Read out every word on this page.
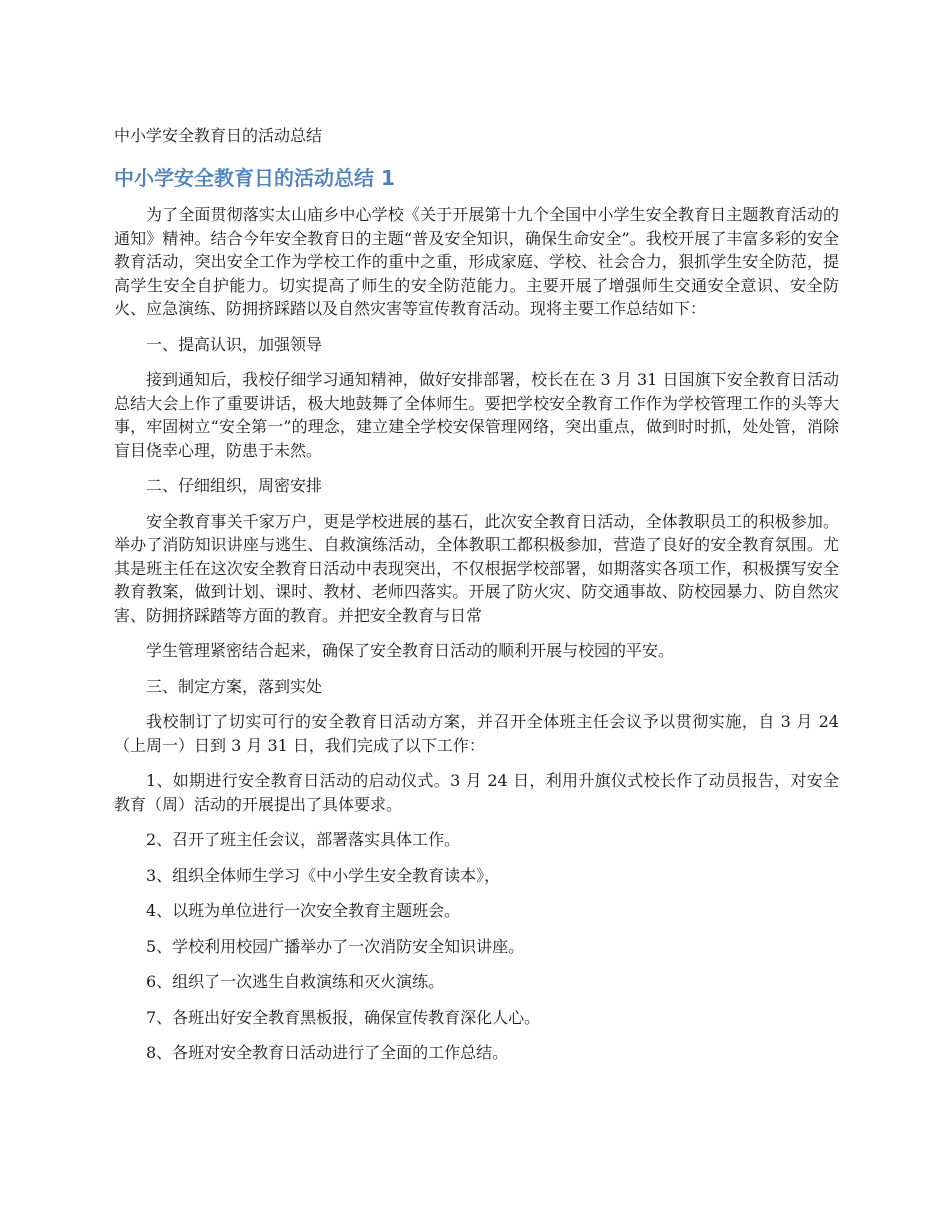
中小学安全教育日的活动总结
中小学安全教育日的活动总结 1

为了全面贯彻落实太山庙乡中心学校《关于开展第十九个全国中小学生安全教育日主题教育活动的通知》精神。结合今年安全教育日的主题“普及安全知识，确保生命安全”。我校开展了丰富多彩的安全教育活动，突出安全工作为学校工作的重中之重，形成家庭、学校、社会合力，狠抓学生安全防范，提高学生安全自护能力。切实提高了师生的安全防范能力。主要开展了增强师生交通安全意识、安全防火、应急演练、防拥挤踩踏以及自然灾害等宣传教育活动。现将主要工作总结如下：

一、提高认识，加强领导

接到通知后，我校仔细学习通知精神，做好安排部署，校长在在 3 月 31 日国旗下安全教育日活动总结大会上作了重要讲话，极大地鼓舞了全体师生。要把学校安全教育工作作为学校管理工作的头等大事，牢固树立“安全第一”的理念，建立建全学校安保管理网络，突出重点，做到时时抓，处处管，消除盲目侥幸心理，防患于未然。

二、仔细组织，周密安排

安全教育事关千家万户，更是学校进展的基石，此次安全教育日活动，全体教职员工的积极参加。举办了消防知识讲座与逃生、自救演练活动，全体教职工都积极参加，营造了良好的安全教育氛围。尤其是班主任在这次安全教育日活动中表现突出，不仅根据学校部署，如期落实各项工作，积极撰写安全教育教案，做到计划、课时、教材、老师四落实。开展了防火灾、防交通事故、防校园暴力、防自然灾害、防拥挤踩踏等方面的教育。并把安全教育与日常

学生管理紧密结合起来，确保了安全教育日活动的顺利开展与校园的平安。

三、制定方案，落到实处

我校制订了切实可行的安全教育日活动方案，并召开全体班主任会议予以贯彻实施，自 3 月 24（上周一）日到 3 月 31 日，我们完成了以下工作：

1、如期进行安全教育日活动的启动仪式。3 月 24 日，利用升旗仪式校长作了动员报告，对安全教育（周）活动的开展提出了具体要求。

2、召开了班主任会议，部署落实具体工作。

3、组织全体师生学习《中小学生安全教育读本》，

4、以班为单位进行一次安全教育主题班会。

5、学校利用校园广播举办了一次消防安全知识讲座。

6、组织了一次逃生自救演练和灭火演练。

7、各班出好安全教育黑板报，确保宣传教育深化人心。

8、各班对安全教育日活动进行了全面的工作总结。
